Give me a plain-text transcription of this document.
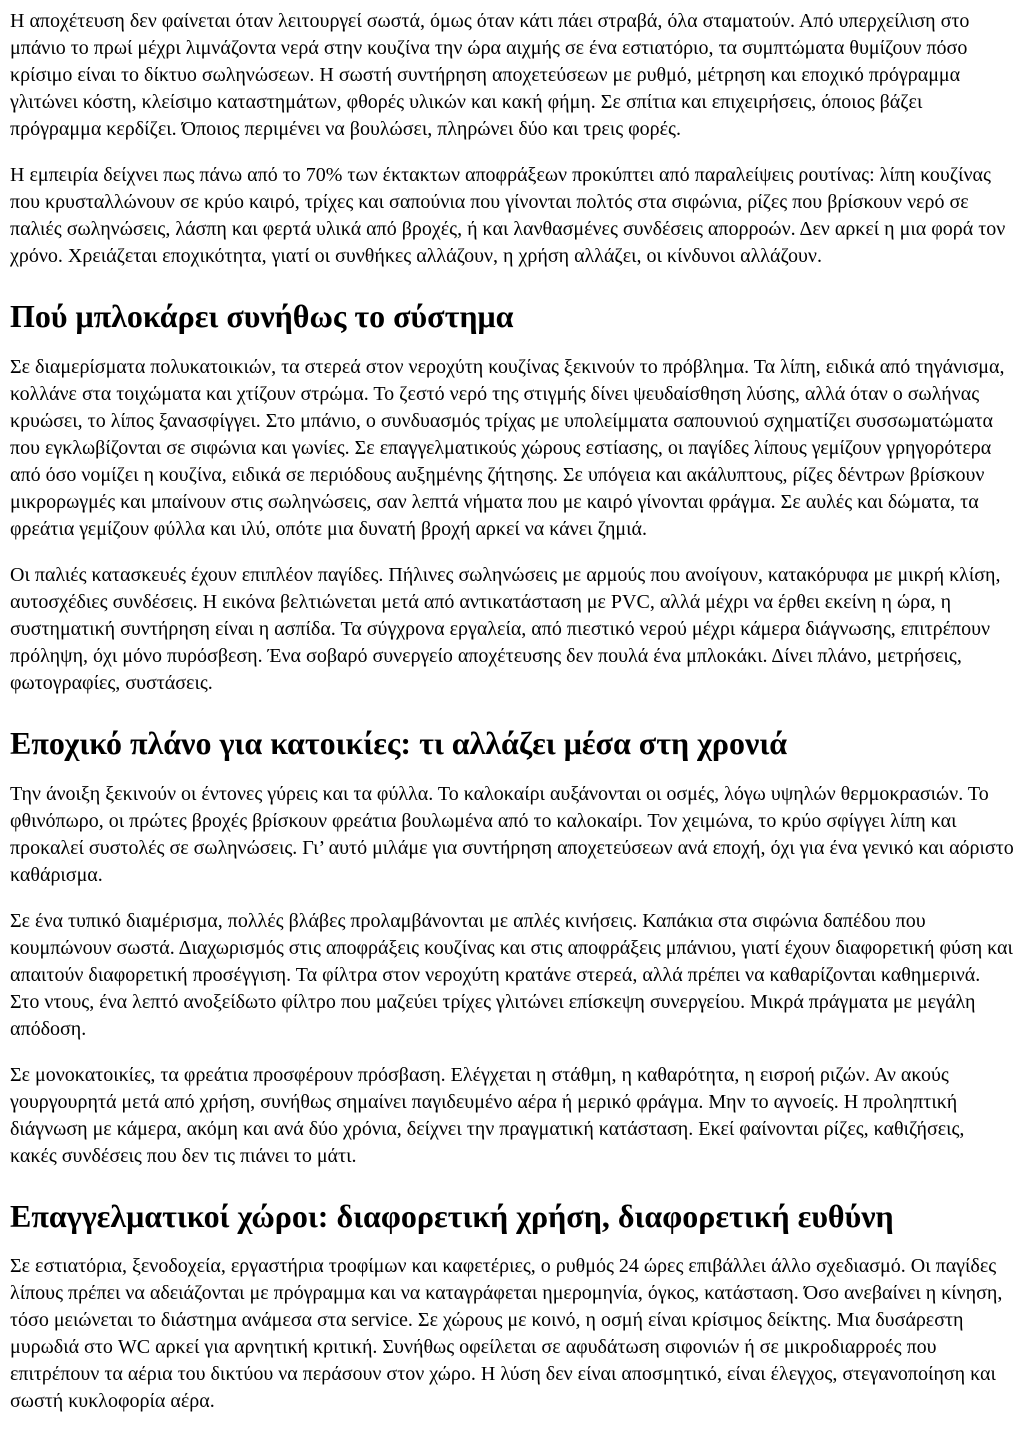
Η αποχέτευση δεν φαίνεται όταν λειτουργεί σωστά, όμως όταν κάτι πάει στραβά, όλα σταματούν. Από υπερχείλιση στο μπάνιο το πρωί μέχρι λιμνάζοντα νερά στην κουζίνα την ώρα αιχμής σε ένα εστιατόριο, τα συμπτώματα θυμίζουν πόσο κρίσιμο είναι το δίκτυο σωληνώσεων. Η σωστή συντήρηση αποχετεύσεων με ρυθμό, μέτρηση και εποχικό πρόγραμμα γλιτώνει κόστη, κλείσιμο καταστημάτων, φθορές υλικών και κακή φήμη. Σε σπίτια και επιχειρήσεις, όποιος βάζει πρόγραμμα κερδίζει. Όποιος περιμένει να βουλώσει, πληρώνει δύο και τρεις φορές.

Η εμπειρία δείχνει πως πάνω από το 70% των έκτακτων αποφράξεων προκύπτει από παραλείψεις ρουτίνας: λίπη κουζίνας που κρυσταλλώνουν σε κρύο καιρό, τρίχες και σαπούνια που γίνονται πολτός στα σιφώνια, ρίζες που βρίσκουν νερό σε παλιές σωληνώσεις, λάσπη και φερτά υλικά από βροχές, ή και λανθασμένες συνδέσεις απορροών. Δεν αρκεί η μια φορά τον χρόνο. Χρειάζεται εποχικότητα, γιατί οι συνθήκες αλλάζουν, η χρήση αλλάζει, οι κίνδυνοι αλλάζουν.

Πού μπλοκάρει συνήθως το σύστημα

Σε διαμερίσματα πολυκατοικιών, τα στερεά στον νεροχύτη κουζίνας ξεκινούν το πρόβλημα. Τα λίπη, ειδικά από τηγάνισμα, κολλάνε στα τοιχώματα και χτίζουν στρώμα. Το ζεστό νερό της στιγμής δίνει ψευδαίσθηση λύσης, αλλά όταν ο σωλήνας κρυώσει, το λίπος ξανασφίγγει. Στο μπάνιο, ο συνδυασμός τρίχας με υπολείμματα σαπουνιού σχηματίζει συσσωματώματα που εγκλωβίζονται σε σιφώνια και γωνίες. Σε επαγγελματικούς χώρους εστίασης, οι παγίδες λίπους γεμίζουν γρηγορότερα από όσο νομίζει η κουζίνα, ειδικά σε περιόδους αυξημένης ζήτησης. Σε υπόγεια και ακάλυπτους, ρίζες δέντρων βρίσκουν μικρορωγμές και μπαίνουν στις σωληνώσεις, σαν λεπτά νήματα που με καιρό γίνονται φράγμα. Σε αυλές και δώματα, τα φρεάτια γεμίζουν φύλλα και ιλύ, οπότε μια δυνατή βροχή αρκεί να κάνει ζημιά.

Οι παλιές κατασκευές έχουν επιπλέον παγίδες. Πήλινες σωληνώσεις με αρμούς που ανοίγουν, κατακόρυφα με μικρή κλίση, αυτοσχέδιες συνδέσεις. Η εικόνα βελτιώνεται μετά από αντικατάσταση με PVC, αλλά μέχρι να έρθει εκείνη η ώρα, η συστηματική συντήρηση είναι η ασπίδα. Τα σύγχρονα εργαλεία, από πιεστικό νερού μέχρι κάμερα διάγνωσης, επιτρέπουν πρόληψη, όχι μόνο πυρόσβεση. Ένα σοβαρό συνεργείο αποχέτευσης δεν πουλά ένα μπλοκάκι. Δίνει πλάνο, μετρήσεις, φωτογραφίες, συστάσεις.

Εποχικό πλάνο για κατοικίες: τι αλλάζει μέσα στη χρονιά

Την άνοιξη ξεκινούν οι έντονες γύρεις και τα φύλλα. Το καλοκαίρι αυξάνονται οι οσμές, λόγω υψηλών θερμοκρασιών. Το φθινόπωρο, οι πρώτες βροχές βρίσκουν φρεάτια βουλωμένα από το καλοκαίρι. Τον χειμώνα, το κρύο σφίγγει λίπη και προκαλεί συστολές σε σωληνώσεις. Γι’ αυτό μιλάμε για συντήρηση αποχετεύσεων ανά εποχή, όχι για ένα γενικό και αόριστο καθάρισμα.

Σε ένα τυπικό διαμέρισμα, πολλές βλάβες προλαμβάνονται με απλές κινήσεις. Καπάκια στα σιφώνια δαπέδου που κουμπώνουν σωστά. Διαχωρισμός στις αποφράξεις κουζίνας και στις αποφράξεις μπάνιου, γιατί έχουν διαφορετική φύση και απαιτούν διαφορετική προσέγγιση. Τα φίλτρα στον νεροχύτη κρατάνε στερεά, αλλά πρέπει να καθαρίζονται καθημερινά. Στο ντους, ένα λεπτό ανοξείδωτο φίλτρο που μαζεύει τρίχες γλιτώνει επίσκεψη συνεργείου. Μικρά πράγματα με μεγάλη απόδοση.

Σε μονοκατοικίες, τα φρεάτια προσφέρουν πρόσβαση. Ελέγχεται η στάθμη, η καθαρότητα, η εισροή ριζών. Αν ακούς γουργουρητά μετά από χρήση, συνήθως σημαίνει παγιδευμένο αέρα ή μερικό φράγμα. Μην το αγνοείς. Η προληπτική διάγνωση με κάμερα, ακόμη και ανά δύο χρόνια, δείχνει την πραγματική κατάσταση. Εκεί φαίνονται ρίζες, καθιζήσεις, κακές συνδέσεις που δεν τις πιάνει το μάτι.

Επαγγελματικοί χώροι: διαφορετική χρήση, διαφορετική ευθύνη

Σε εστιατόρια, ξενοδοχεία, εργαστήρια τροφίμων και καφετέριες, ο ρυθμός 24 ώρες επιβάλλει άλλο σχεδιασμό. Οι παγίδες λίπους πρέπει να αδειάζονται με πρόγραμμα και να καταγράφεται ημερομηνία, όγκος, κατάσταση. Όσο ανεβαίνει η κίνηση, τόσο μειώνεται το διάστημα ανάμεσα στα service. Σε χώρους με κοινό, η οσμή είναι κρίσιμος δείκτης. Μια δυσάρεστη μυρωδιά στο WC αρκεί για αρνητική κριτική. Συνήθως οφείλεται σε αφυδάτωση σιφονιών ή σε μικροδιαρροές που επιτρέπουν τα αέρια του δικτύου να περάσουν στον χώρο. Η λύση δεν είναι αποσμητικό, είναι έλεγχος, στεγανοποίηση και σωστή κυκλοφορία αέρα.
